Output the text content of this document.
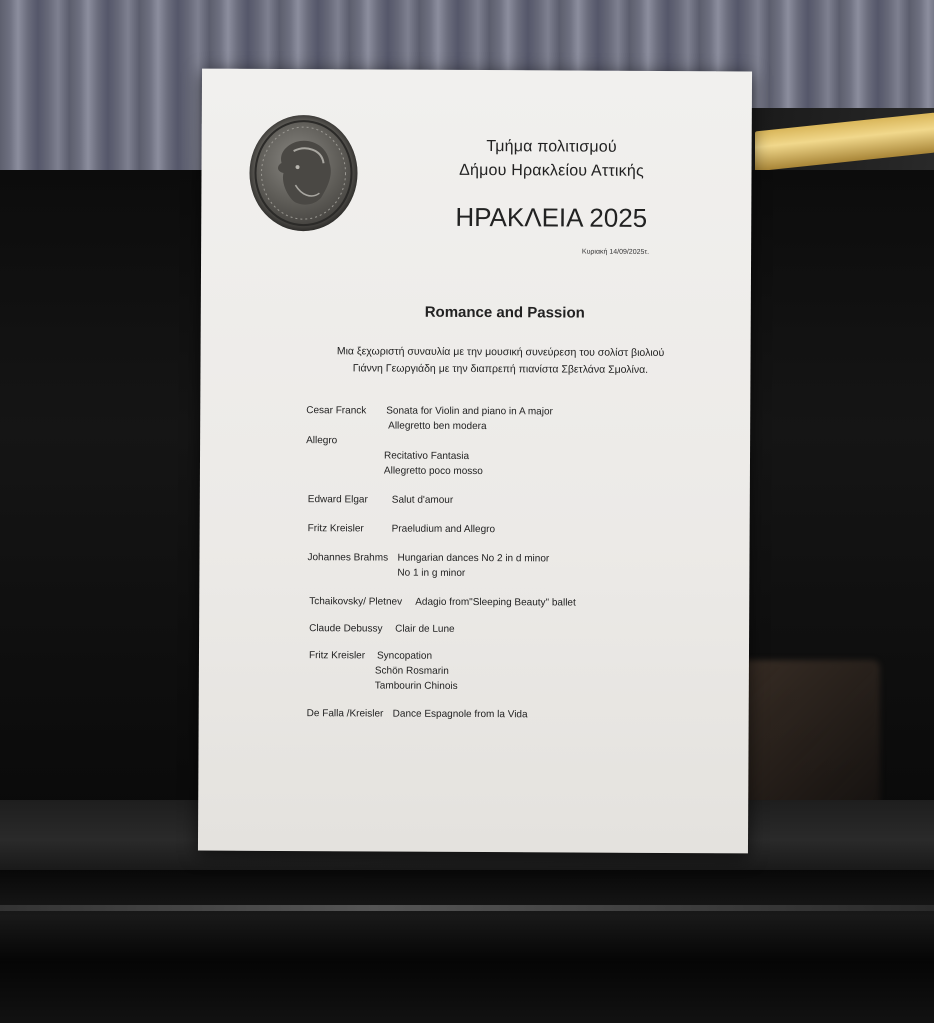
Τμήμα πολιτισμού
Δήμου Ηρακλείου Αττικής
ΗΡΑΚΛΕΙΑ 2025
Κυριακή 14/09/2025τ.
Romance and Passion
Μια ξεχωριστή συναυλία με την μουσική συνεύρεση του σολίστ βιολιού
Γιάννη Γεωργιάδη με την διαπρεπή πιανίστα Σβετλάνα Σμολίνα.
Cesar Franck Sonata for Violin and piano in A major
Allegretto ben modera
Allegro
Recitativo Fantasia
Allegretto poco mosso
Edward Elgar Salut d'amour
Fritz Kreisler	Praeludium and Allegro
Johannes Brahms Hungarian dances No 2 in d minor
No 1 in g minor
Tchaikovsky/ Pletnev Adagio from"Sleeping Beauty" ballet
Claude Debussy Clair de Lune
Fritz Kreisler Syncopation
Schön Rosmarin
Tambourin Chinois
De Falla /Kreisler Dance Espagnole from la Vida
